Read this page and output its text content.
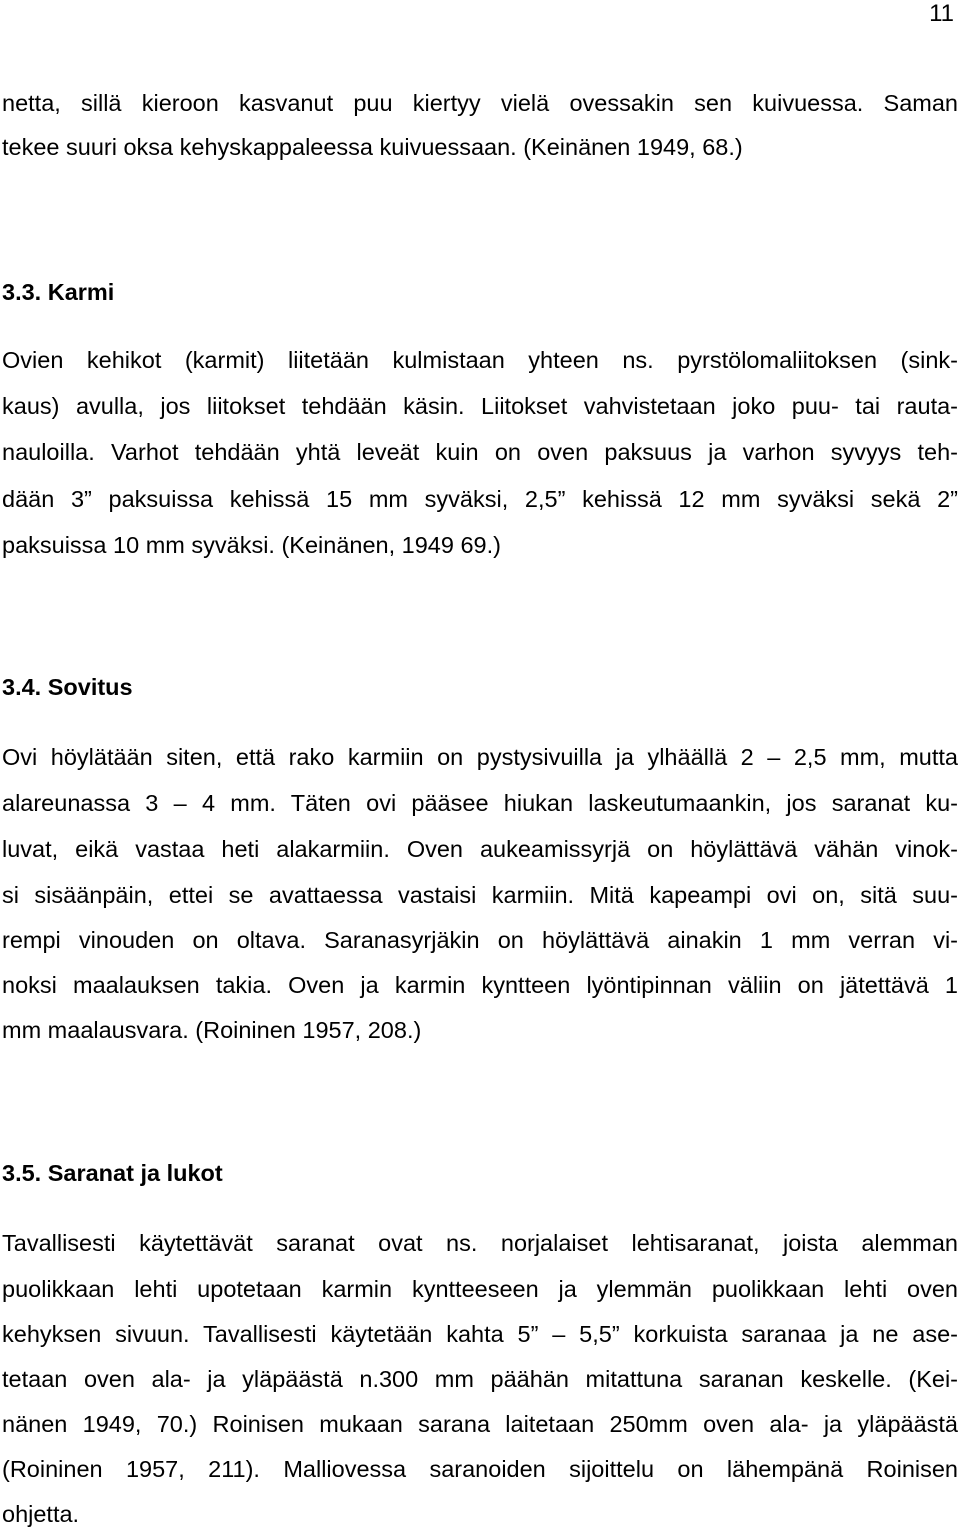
11
netta, sillä kieroon kasvanut puu kiertyy vielä ovessakin sen kuivuessa. Saman
tekee suuri oksa kehyskappaleessa kuivuessaan. (Keinänen 1949, 68.)
3.3. Karmi
Ovien kehikot (karmit) liitetään kulmistaan yhteen ns. pyrstölomaliitoksen (sink-
kaus) avulla, jos liitokset tehdään käsin. Liitokset vahvistetaan joko puu- tai rauta-
nauloilla. Varhot tehdään yhtä leveät kuin on oven paksuus ja varhon syvyys teh-
dään 3” paksuissa kehissä 15 mm syväksi, 2,5” kehissä 12 mm syväksi sekä 2”
paksuissa 10 mm syväksi. (Keinänen, 1949 69.)
3.4. Sovitus
Ovi höylätään siten, että rako karmiin on pystysivuilla ja ylhäällä 2 – 2,5 mm, mutta
alareunassa 3 – 4 mm. Täten ovi pääsee hiukan laskeutumaankin, jos saranat ku-
luvat, eikä vastaa heti alakarmiin. Oven aukeamissyrjä on höylättävä vähän vinok-
si sisäänpäin, ettei se avattaessa vastaisi karmiin. Mitä kapeampi ovi on, sitä suu-
rempi vinouden on oltava. Saranasyrjäkin on höylättävä ainakin 1 mm verran vi-
noksi maalauksen takia. Oven ja karmin kyntteen lyöntipinnan väliin on jätettävä 1
mm maalausvara. (Roininen 1957, 208.)
3.5. Saranat ja lukot
Tavallisesti käytettävät saranat ovat ns. norjalaiset lehtisaranat, joista alemman
puolikkaan lehti upotetaan karmin kynttеeseen ja ylemmän puolikkaan lehti oven
kehyksen sivuun. Tavallisesti käytetään kahta 5” – 5,5” korkuista saranaa ja ne ase-
tetaan oven ala- ja yläpäästä n.300 mm päähän mitattuna saranan keskelle. (Kei-
nänen 1949, 70.) Roinisen mukaan sarana laitetaan 250mm oven ala- ja yläpäästä
(Roininen 1957, 211). Malliovessa saranoiden sijoittelu on lähempänä Roinisen
ohjetta.
